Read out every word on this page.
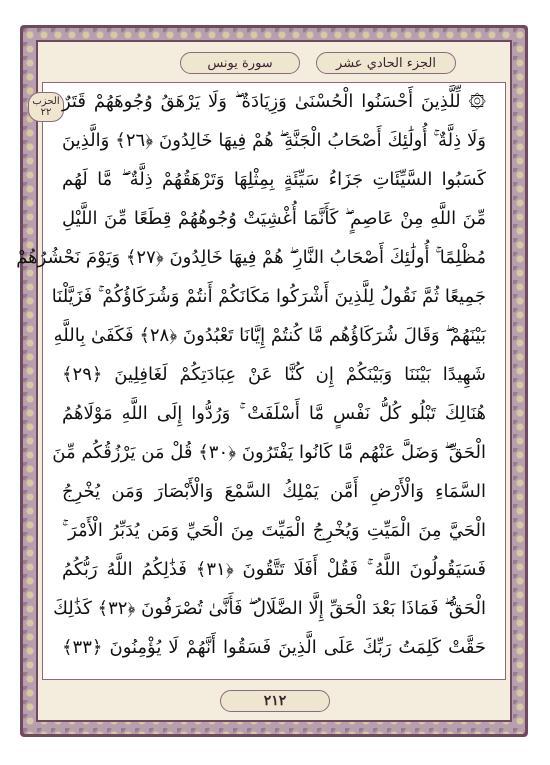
الجزء الحادي عشر
سورة يونس
الحزب
٢٢
۞ لِّلَّذِينَ أَحْسَنُوا الْحُسْنَىٰ وَزِيَادَةٌ ۖ وَلَا يَرْهَقُ وُجُوهَهُمْ قَتَرٌ
وَلَا ذِلَّةٌ ۚ أُولَٰئِكَ أَصْحَابُ الْجَنَّةِ ۖ هُمْ فِيهَا خَالِدُونَ ﴿٢٦﴾ وَالَّذِينَ
كَسَبُوا السَّيِّئَاتِ جَزَاءُ سَيِّئَةٍ بِمِثْلِهَا وَتَرْهَقُهُمْ ذِلَّةٌ ۖ مَّا لَهُم
مِّنَ اللَّهِ مِنْ عَاصِمٍ ۖ كَأَنَّمَا أُغْشِيَتْ وُجُوهُهُمْ قِطَعًا مِّنَ اللَّيْلِ
مُظْلِمًا ۚ أُولَٰئِكَ أَصْحَابُ النَّارِ ۖ هُمْ فِيهَا خَالِدُونَ ﴿٢٧﴾ وَيَوْمَ نَحْشُرُهُمْ
جَمِيعًا ثُمَّ نَقُولُ لِلَّذِينَ أَشْرَكُوا مَكَانَكُمْ أَنتُمْ وَشُرَكَاؤُكُمْ ۚ فَزَيَّلْنَا
بَيْنَهُمْ ۖ وَقَالَ شُرَكَاؤُهُم مَّا كُنتُمْ إِيَّانَا تَعْبُدُونَ ﴿٢٨﴾ فَكَفَىٰ بِاللَّهِ
شَهِيدًا بَيْنَنَا وَبَيْنَكُمْ إِن كُنَّا عَنْ عِبَادَتِكُمْ لَغَافِلِينَ ﴿٢٩﴾
هُنَالِكَ تَبْلُو كُلُّ نَفْسٍ مَّا أَسْلَفَتْ ۚ وَرُدُّوا إِلَى اللَّهِ مَوْلَاهُمُ
الْحَقِّ ۖ وَضَلَّ عَنْهُم مَّا كَانُوا يَفْتَرُونَ ﴿٣٠﴾ قُلْ مَن يَرْزُقُكُم مِّنَ
السَّمَاءِ وَالْأَرْضِ أَمَّن يَمْلِكُ السَّمْعَ وَالْأَبْصَارَ وَمَن يُخْرِجُ
الْحَيَّ مِنَ الْمَيِّتِ وَيُخْرِجُ الْمَيِّتَ مِنَ الْحَيِّ وَمَن يُدَبِّرُ الْأَمْرَ ۚ
فَسَيَقُولُونَ اللَّهُ ۚ فَقُلْ أَفَلَا تَتَّقُونَ ﴿٣١﴾ فَذَٰلِكُمُ اللَّهُ رَبُّكُمُ
الْحَقُّ ۖ فَمَاذَا بَعْدَ الْحَقِّ إِلَّا الضَّلَالُ ۖ فَأَنَّىٰ تُصْرَفُونَ ﴿٣٢﴾ كَذَٰلِكَ
حَقَّتْ كَلِمَتُ رَبِّكَ عَلَى الَّذِينَ فَسَقُوا أَنَّهُمْ لَا يُؤْمِنُونَ ﴿٣٣﴾
٢١٢
